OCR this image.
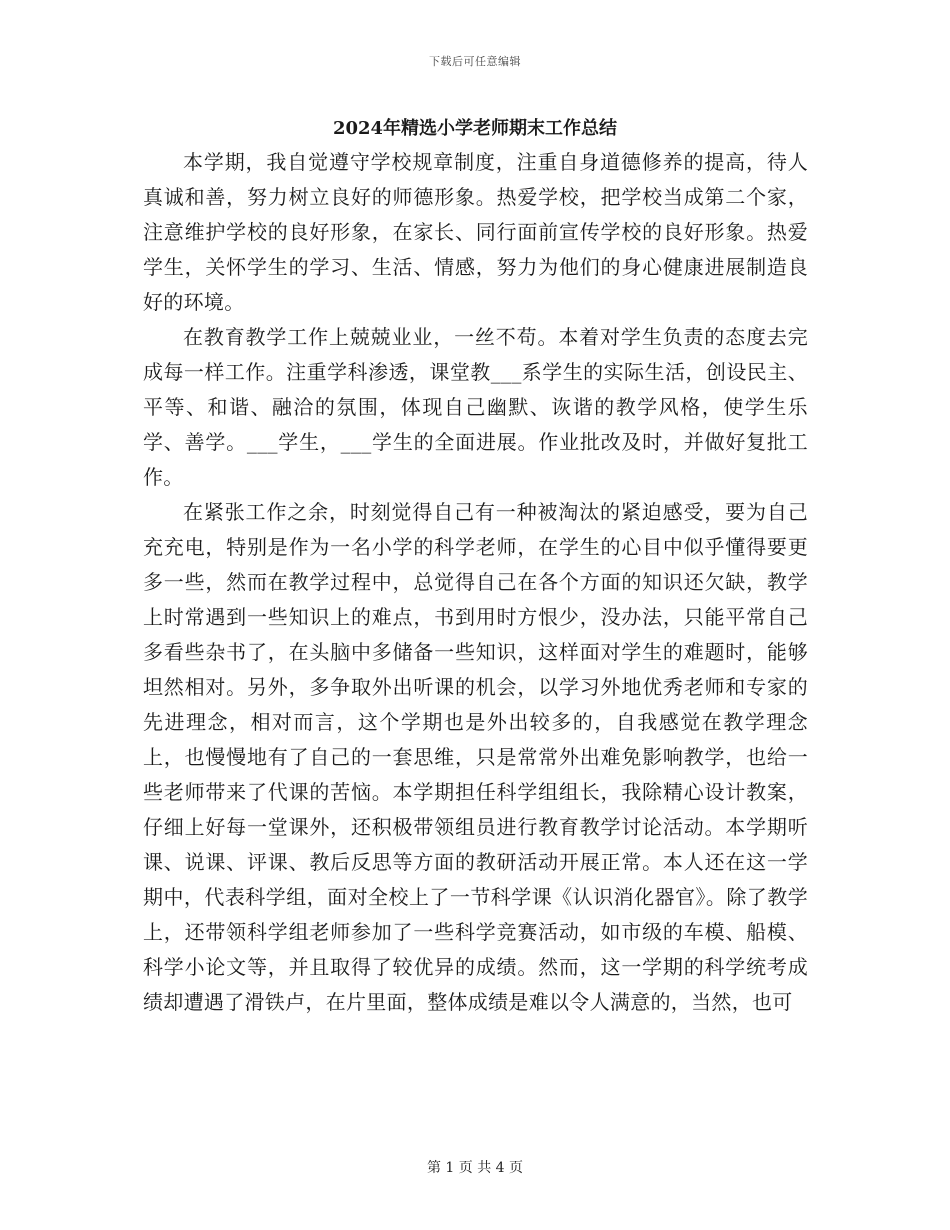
下载后可任意编辑
2024年精选小学老师期末工作总结

本学期，我自觉遵守学校规章制度，注重自身道德修养的提高，待人真诚和善，努力树立良好的师德形象。热爱学校，把学校当成第二个家，注意维护学校的良好形象，在家长、同行面前宣传学校的良好形象。热爱学生，关怀学生的学习、生活、情感，努力为他们的身心健康进展制造良好的环境。

在教育教学工作上兢兢业业，一丝不苟。本着对学生负责的态度去完成每一样工作。注重学科渗透，课堂教___系学生的实际生活，创设民主、平等、和谐、融洽的氛围，体现自己幽默、诙谐的教学风格，使学生乐学、善学。___学生，___学生的全面进展。作业批改及时，并做好复批工作。

在紧张工作之余，时刻觉得自己有一种被淘汰的紧迫感受，要为自己充充电，特别是作为一名小学的科学老师，在学生的心目中似乎懂得要更多一些，然而在教学过程中，总觉得自己在各个方面的知识还欠缺，教学上时常遇到一些知识上的难点，书到用时方恨少，没办法，只能平常自己多看些杂书了，在头脑中多储备一些知识，这样面对学生的难题时，能够坦然相对。另外，多争取外出听课的机会，以学习外地优秀老师和专家的先进理念，相对而言，这个学期也是外出较多的，自我感觉在教学理念上，也慢慢地有了自己的一套思维，只是常常外出难免影响教学，也给一些老师带来了代课的苦恼。本学期担任科学组组长，我除精心设计教案，仔细上好每一堂课外，还积极带领组员进行教育教学讨论活动。本学期听课、说课、评课、教后反思等方面的教研活动开展正常。本人还在这一学期中，代表科学组，面对全校上了一节科学课《认识消化器官》。除了教学上，还带领科学组老师参加了一些科学竞赛活动，如市级的车模、船模、科学小论文等，并且取得了较优异的成绩。然而，这一学期的科学统考成绩却遭遇了滑铁卢，在片里面，整体成绩是难以令人满意的，当然，也可

第 1 页 共 4 页
